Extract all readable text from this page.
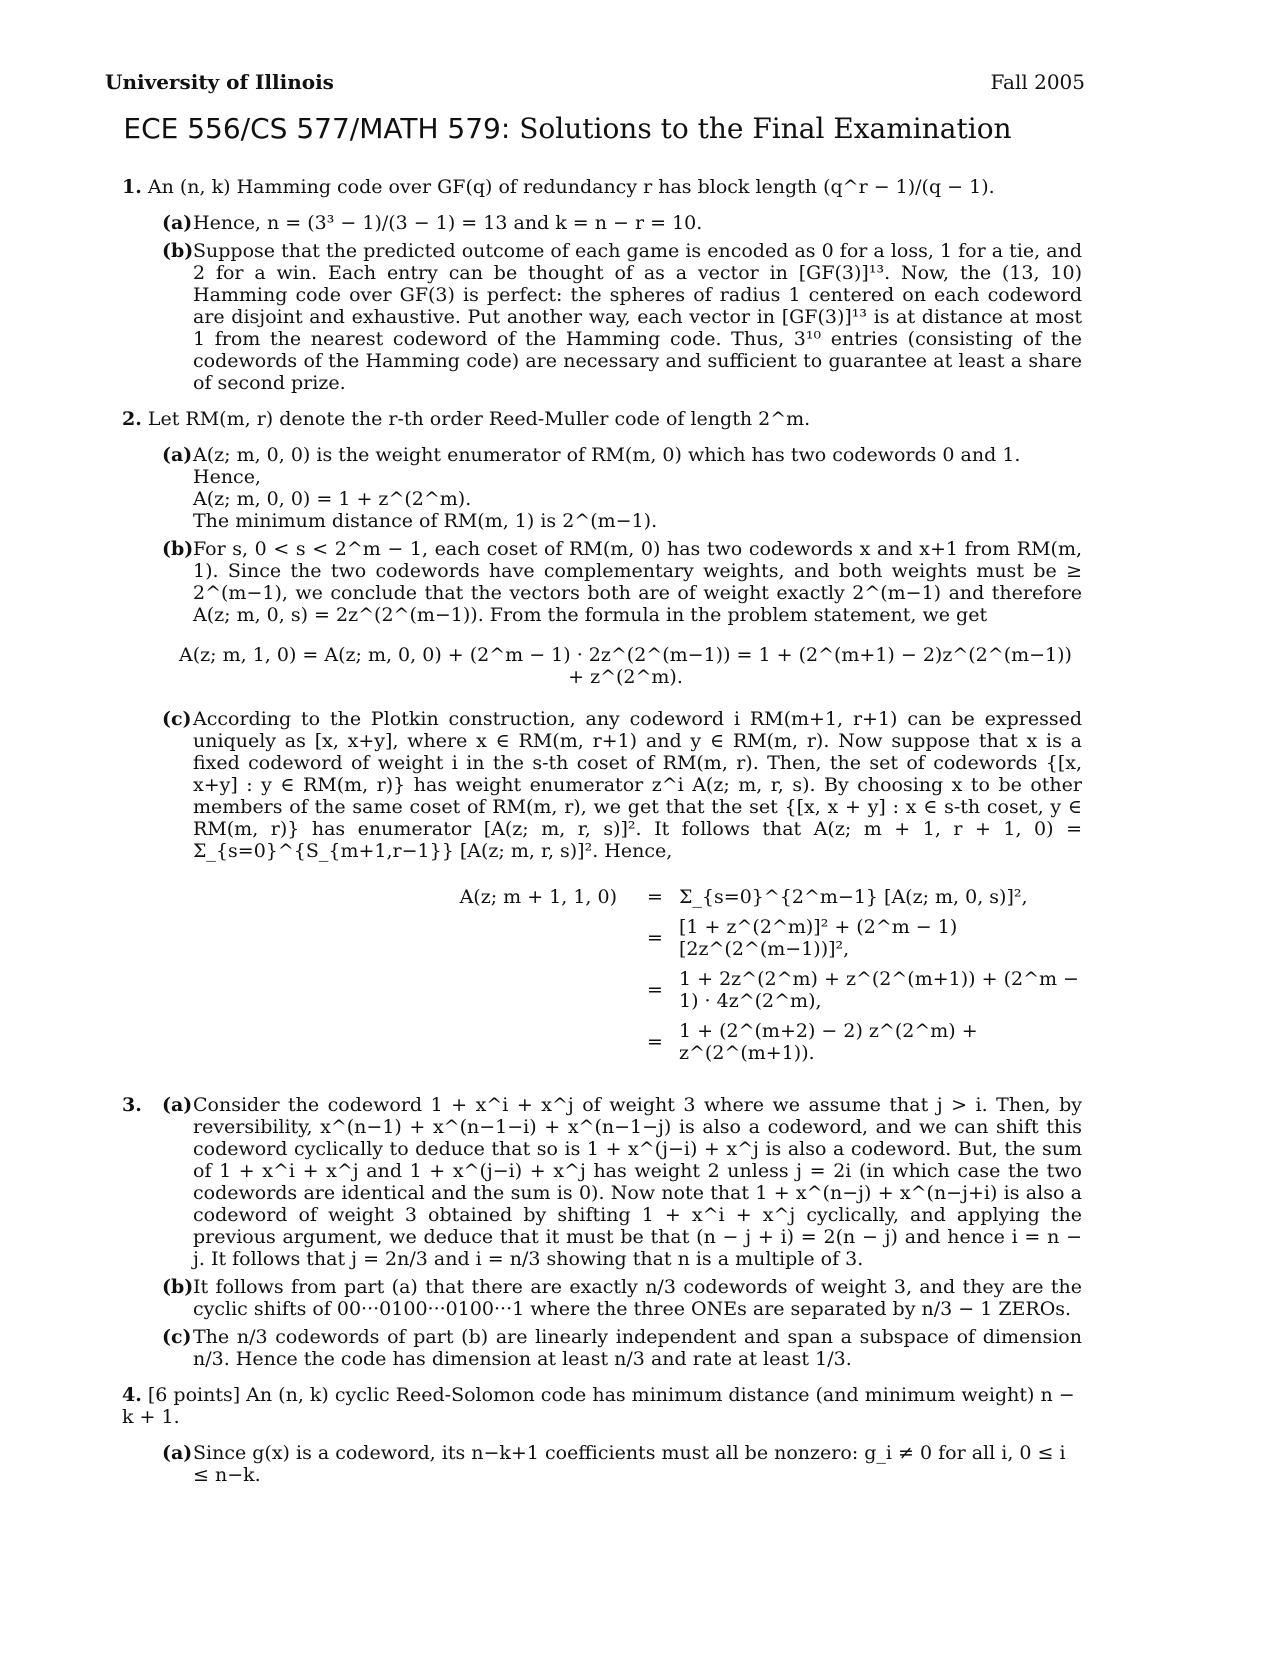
University of Illinois	Fall 2005
ECE 556/CS 577/MATH 579: Solutions to the Final Examination

1. An (n, k) Hamming code over GF(q) of redundancy r has block length (q^r − 1)/(q − 1).

(a) Hence, n = (3³ − 1)/(3 − 1) = 13 and k = n − r = 10.

(b) Suppose that the predicted outcome of each game is encoded as 0 for a loss, 1 for a tie, and 2 for a win. Each entry can be thought of as a vector in [GF(3)]¹³. Now, the (13, 10) Hamming code over GF(3) is perfect: the spheres of radius 1 centered on each codeword are disjoint and exhaustive. Put another way, each vector in [GF(3)]¹³ is at distance at most 1 from the nearest codeword of the Hamming code. Thus, 3¹⁰ entries (consisting of the codewords of the Hamming code) are necessary and sufficient to guarantee at least a share of second prize.

2. Let RM(m, r) denote the r-th order Reed-Muller code of length 2^m.

(a) A(z; m, 0, 0) is the weight enumerator of RM(m, 0) which has two codewords 0 and 1. Hence,

A(z; m, 0, 0) = 1 + z^(2^m).

The minimum distance of RM(m, 1) is 2^(m−1).

(b) For s, 0 < s < 2^m − 1, each coset of RM(m, 0) has two codewords x and x+1 from RM(m, 1). Since the two codewords have complementary weights, and both weights must be ≥ 2^(m−1), we conclude that the vectors both are of weight exactly 2^(m−1) and therefore A(z; m, 0, s) = 2z^(2^(m−1)). From the formula in the problem statement, we get

A(z; m, 1, 0) = A(z; m, 0, 0) + (2^m − 1) · 2z^(2^(m−1)) = 1 + (2^(m+1) − 2)z^(2^(m−1)) + z^(2^m).

(c) According to the Plotkin construction, any codeword i RM(m+1, r+1) can be expressed uniquely as [x, x+y], where x ∈ RM(m, r+1) and y ∈ RM(m, r). Now suppose that x is a fixed codeword of weight i in the s-th coset of RM(m, r). Then, the set of codewords {[x, x+y] : y ∈ RM(m, r)} has weight enumerator z^i A(z; m, r, s). By choosing x to be other members of the same coset of RM(m, r), we get that the set {[x, x + y] : x ∈ s-th coset, y ∈ RM(m, r)} has enumerator [A(z; m, r, s)]². It follows that A(z; m + 1, r + 1, 0) = Σ_{s=0}^{S_{m+1,r−1}} [A(z; m, r, s)]². Hence,

A(z; m + 1, 1, 0)	=	Σ_{s=0}^{2^m−1} [A(z; m, 0, s)]²,
	=	[1 + z^(2^m)]² + (2^m − 1) [2z^(2^(m−1))]²,
	=	1 + 2z^(2^m) + z^(2^(m+1)) + (2^m − 1) · 4z^(2^m),
	=	1 + (2^(m+2) − 2) z^(2^m) + z^(2^(m+1)).
3. (a) Consider the codeword 1 + x^i + x^j of weight 3 where we assume that j > i. Then, by reversibility, x^(n−1) + x^(n−1−i) + x^(n−1−j) is also a codeword, and we can shift this codeword cyclically to deduce that so is 1 + x^(j−i) + x^j is also a codeword. But, the sum of 1 + x^i + x^j and 1 + x^(j−i) + x^j has weight 2 unless j = 2i (in which case the two codewords are identical and the sum is 0). Now note that 1 + x^(n−j) + x^(n−j+i) is also a codeword of weight 3 obtained by shifting 1 + x^i + x^j cyclically, and applying the previous argument, we deduce that it must be that (n − j + i) = 2(n − j) and hence i = n − j. It follows that j = 2n/3 and i = n/3 showing that n is a multiple of 3.

(b) It follows from part (a) that there are exactly n/3 codewords of weight 3, and they are the cyclic shifts of 00···0100···0100···1 where the three ONEs are separated by n/3 − 1 ZEROs.

(c) The n/3 codewords of part (b) are linearly independent and span a subspace of dimension n/3. Hence the code has dimension at least n/3 and rate at least 1/3.

4. [6 points] An (n, k) cyclic Reed-Solomon code has minimum distance (and minimum weight) n − k + 1.

(a) Since g(x) is a codeword, its n−k+1 coefficients must all be nonzero: g_i ≠ 0 for all i, 0 ≤ i ≤ n−k.
